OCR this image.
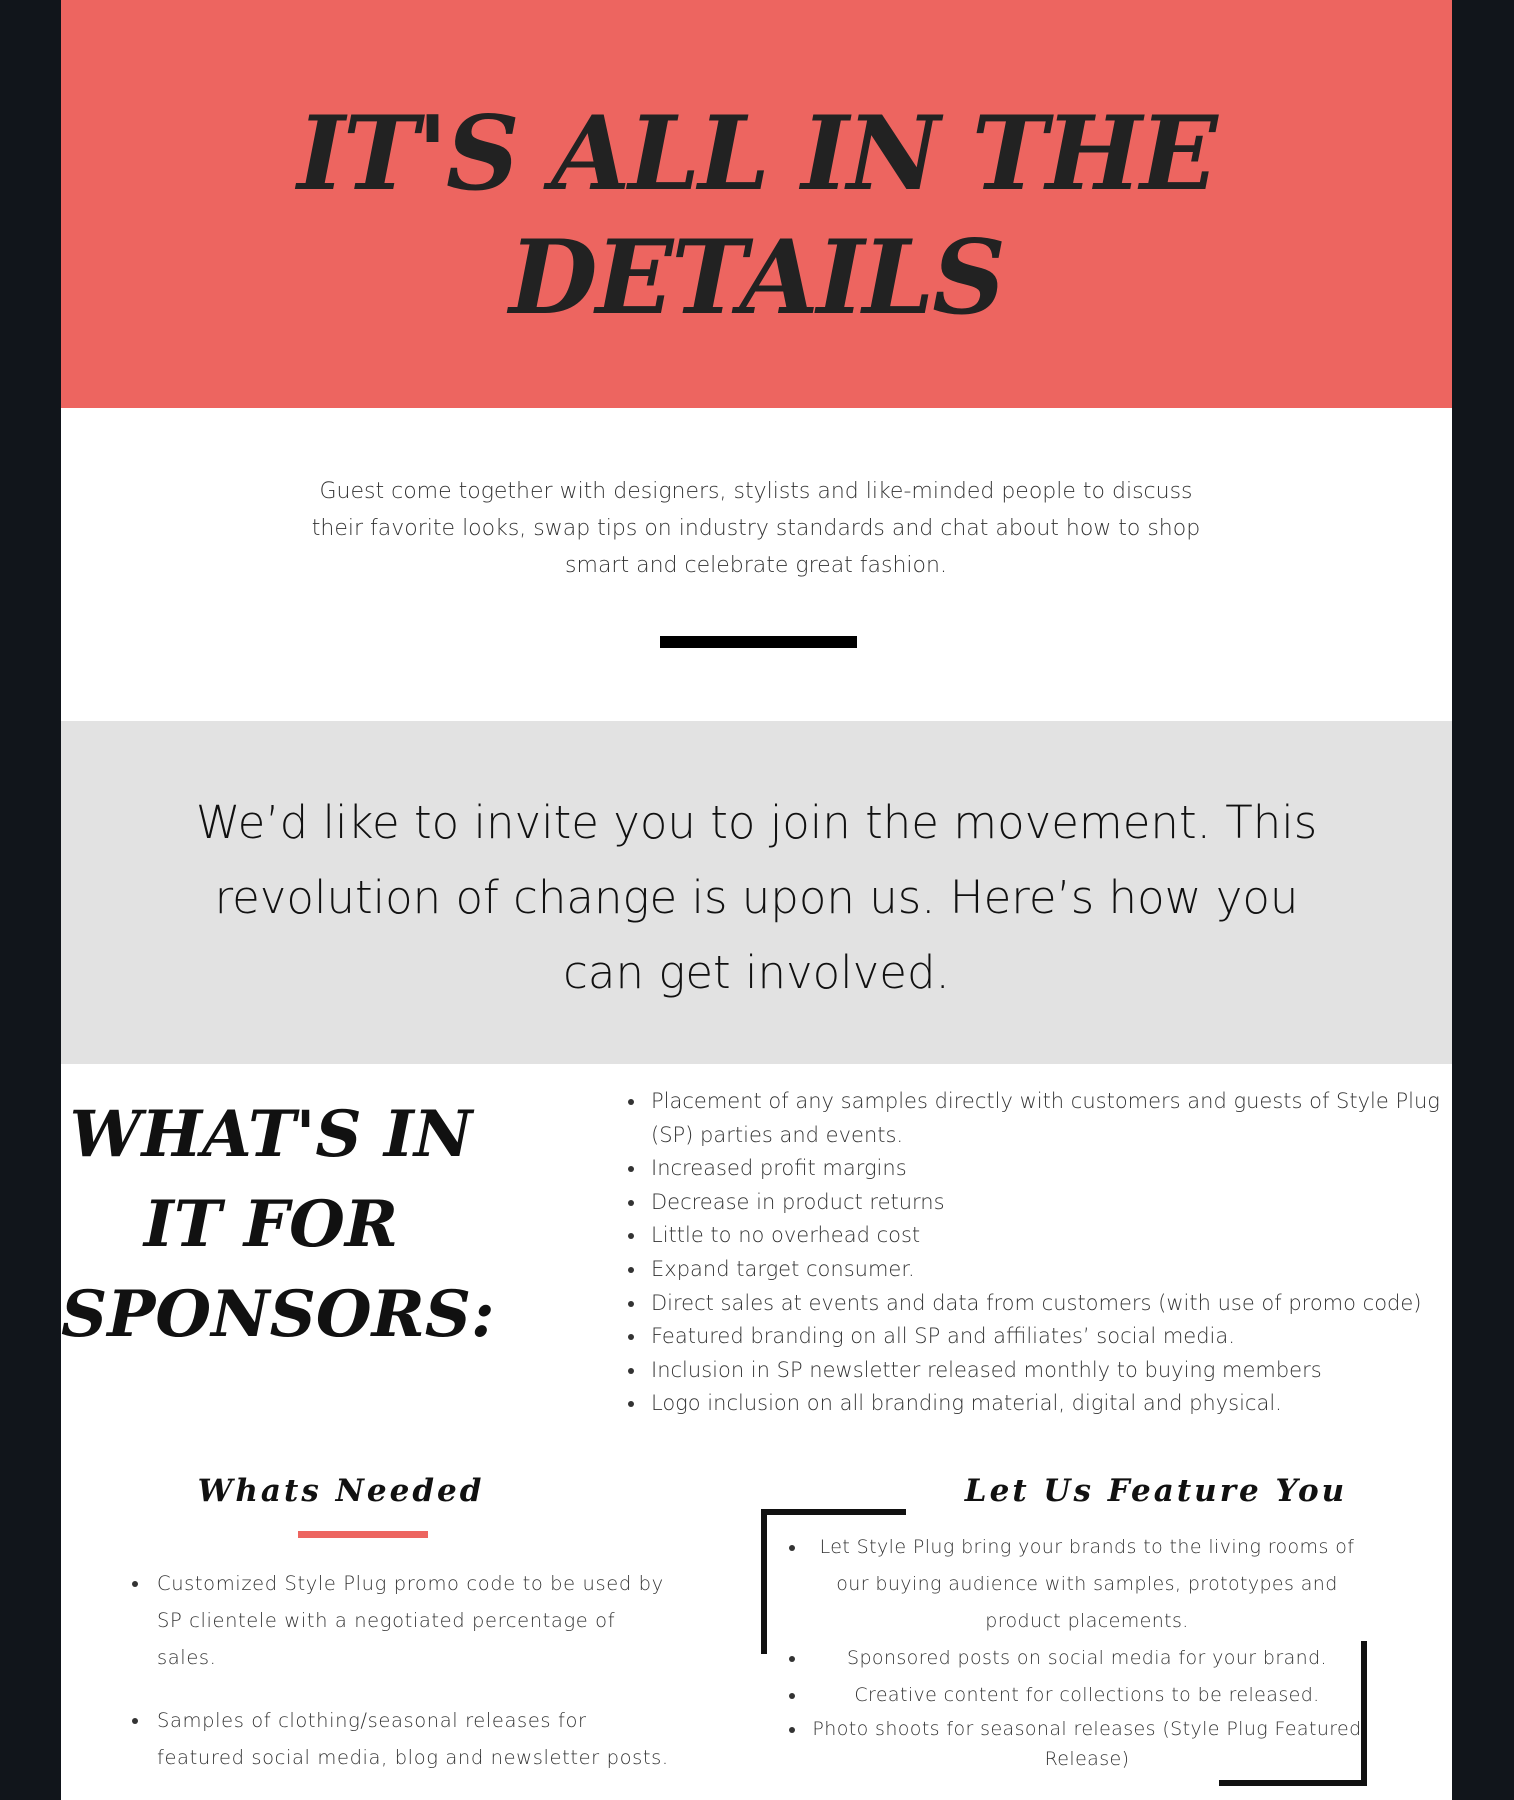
IT'S ALL IN THE
DETAILS

Guest come together with designers, stylists and like-minded people to discuss their favorite looks, swap tips on industry standards and chat about how to shop smart and celebrate great fashion.

We’d like to invite you to join the movement. This revolution of change is upon us. Here’s how you can get involved.

WHAT'S IN
IT FOR
SPONSORS:
• Placement of any samples directly with customers and guests of Style Plug (SP) parties and events.
• Increased profit margins
• Decrease in product returns
• Little to no overhead cost
• Expand target consumer.
• Direct sales at events and data from customers (with use of promo code)
• Featured branding on all SP and affiliates’ social media.
• Inclusion in SP newsletter released monthly to buying members
• Logo inclusion on all branding material, digital and physical.
Whats Needed
• Customized Style Plug promo code to be used by SP clientele with a negotiated percentage of sales.
• Samples of clothing/seasonal releases for featured social media, blog and newsletter posts.
Let Us Feature You
• Let Style Plug bring your brands to the living rooms of our buying audience with samples, prototypes and product placements.
• Sponsored posts on social media for your brand.
• Creative content for collections to be released.
• Photo shoots for seasonal releases (Style Plug Featured Release)
